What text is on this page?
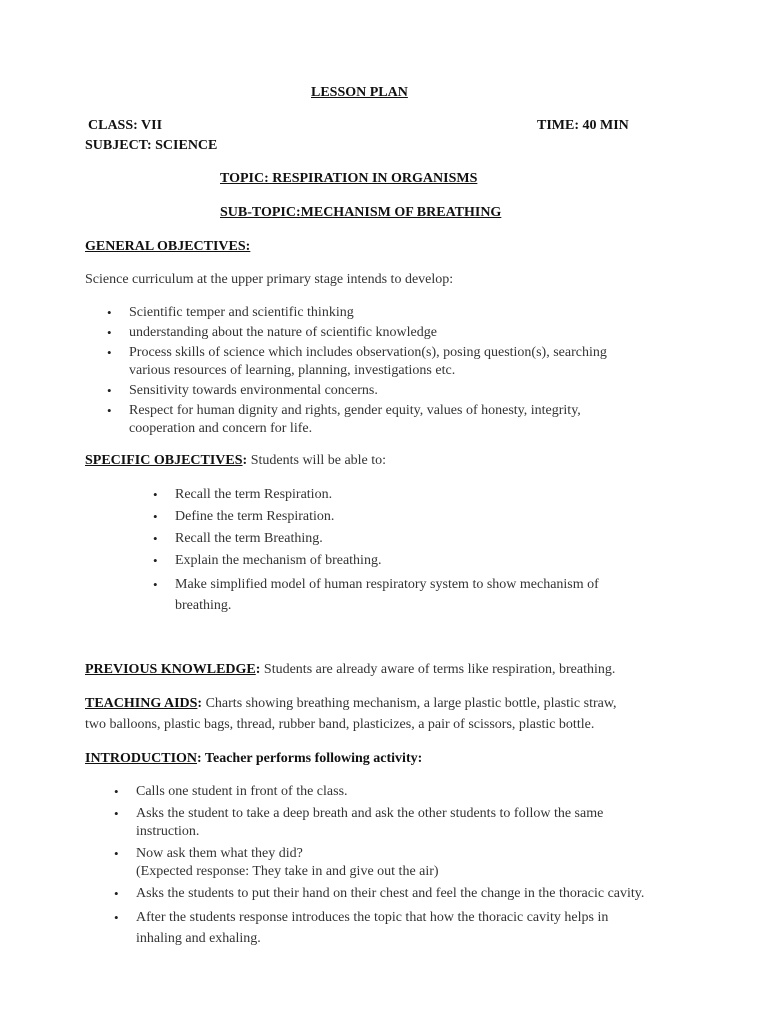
LESSON PLAN
CLASS: VII	TIME: 40 MIN
SUBJECT: SCIENCE
TOPIC: RESPIRATION IN ORGANISMS
SUB-TOPIC:MECHANISM OF BREATHING
GENERAL OBJECTIVES:
Science curriculum at the upper primary stage intends to develop:
• Scientific temper and scientific thinking
• understanding about the nature of scientific knowledge
• Process skills of science which includes observation(s), posing question(s), searching
various resources of learning, planning, investigations etc.
• Sensitivity towards environmental concerns.
• Respect for human dignity and rights, gender equity, values of honesty, integrity,
cooperation and concern for life.
SPECIFIC OBJECTIVES: Students will be able to:
• Recall the term Respiration.
• Define the term Respiration.
• Recall the term Breathing.
• Explain the mechanism of breathing.
• Make simplified model of human respiratory system to show mechanism of
breathing.
PREVIOUS KNOWLEDGE: Students are already aware of terms like respiration, breathing.
TEACHING AIDS: Charts showing breathing mechanism, a large plastic bottle, plastic straw,
two balloons, plastic bags, thread, rubber band, plasticizes, a pair of scissors, plastic bottle.
INTRODUCTION: Teacher performs following activity:
• Calls one student in front of the class.
• Asks the student to take a deep breath and ask the other students to follow the same
instruction.
• Now ask them what they did?
(Expected response: They take in and give out the air)
• Asks the students to put their hand on their chest and feel the change in the thoracic cavity.
• After the students response introduces the topic that how the thoracic cavity helps in
inhaling and exhaling.
